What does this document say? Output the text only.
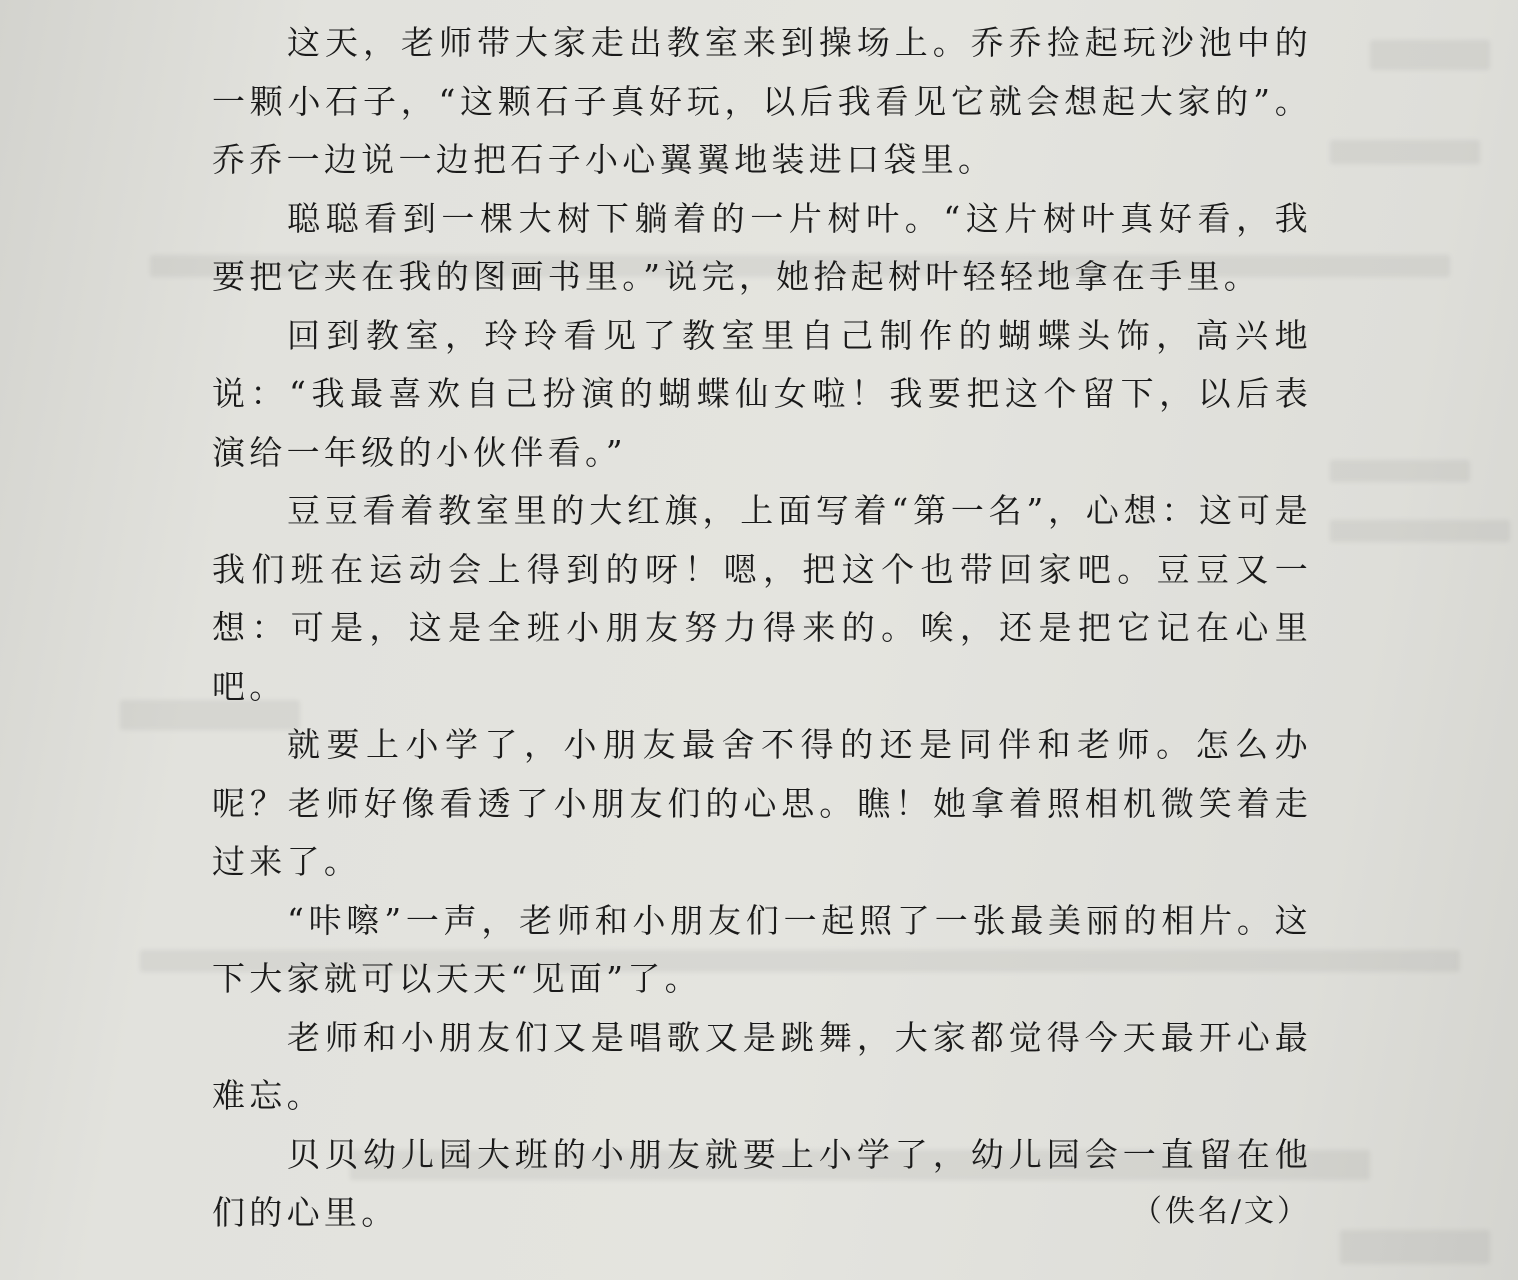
这天，老师带大家走出教室来到操场上。乔乔捡起玩沙池中的一颗小石子，“这颗石子真好玩，以后我看见它就会想起大家的”。乔乔一边说一边把石子小心翼翼地装进口袋里。

聪聪看到一棵大树下躺着的一片树叶。“这片树叶真好看，我要把它夹在我的图画书里。”说完，她拾起树叶轻轻地拿在手里。

回到教室，玲玲看见了教室里自己制作的蝴蝶头饰，高兴地说：“我最喜欢自己扮演的蝴蝶仙女啦！我要把这个留下，以后表演给一年级的小伙伴看。”

豆豆看着教室里的大红旗，上面写着“第一名”，心想：这可是我们班在运动会上得到的呀！嗯，把这个也带回家吧。豆豆又一想：可是，这是全班小朋友努力得来的。唉，还是把它记在心里吧。

就要上小学了，小朋友最舍不得的还是同伴和老师。怎么办呢？老师好像看透了小朋友们的心思。瞧！她拿着照相机微笑着走过来了。

“咔嚓”一声，老师和小朋友们一起照了一张最美丽的相片。这下大家就可以天天“见面”了。

老师和小朋友们又是唱歌又是跳舞，大家都觉得今天最开心最难忘。

贝贝幼儿园大班的小朋友就要上小学了，幼儿园会一直留在他们的心里。	（佚名/文）
